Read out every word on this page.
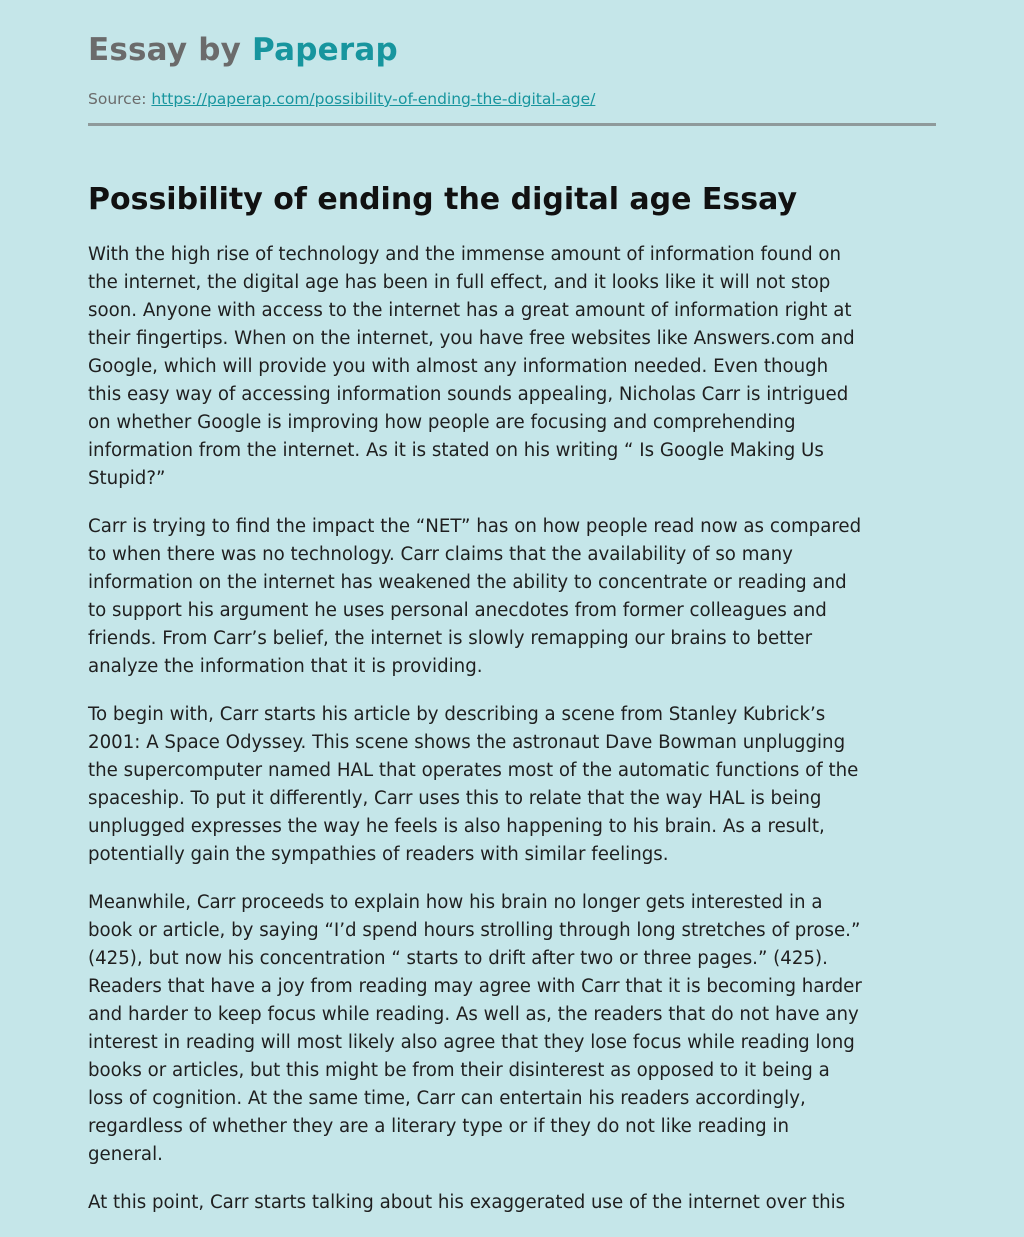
Essay by Paperap
Source: https://paperap.com/possibility-of-ending-the-digital-age/
Possibility of ending the digital age Essay

With the high rise of technology and the immense amount of information found on
the internet, the digital age has been in full effect, and it looks like it will not stop
soon. Anyone with access to the internet has a great amount of information right at
their fingertips. When on the internet, you have free websites like Answers.com and
Google, which will provide you with almost any information needed. Even though
this easy way of accessing information sounds appealing, Nicholas Carr is intrigued
on whether Google is improving how people are focusing and comprehending
information from the internet. As it is stated on his writing “ Is Google Making Us
Stupid?”

Carr is trying to find the impact the “NET” has on how people read now as compared
to when there was no technology. Carr claims that the availability of so many
information on the internet has weakened the ability to concentrate or reading and
to support his argument he uses personal anecdotes from former colleagues and
friends. From Carr’s belief, the internet is slowly remapping our brains to better
analyze the information that it is providing.

To begin with, Carr starts his article by describing a scene from Stanley Kubrick’s
2001: A Space Odyssey. This scene shows the astronaut Dave Bowman unplugging
the supercomputer named HAL that operates most of the automatic functions of the
spaceship. To put it differently, Carr uses this to relate that the way HAL is being
unplugged expresses the way he feels is also happening to his brain. As a result,
potentially gain the sympathies of readers with similar feelings.

Meanwhile, Carr proceeds to explain how his brain no longer gets interested in a
book or article, by saying “I’d spend hours strolling through long stretches of prose.”
(425), but now his concentration “ starts to drift after two or three pages.” (425).
Readers that have a joy from reading may agree with Carr that it is becoming harder
and harder to keep focus while reading. As well as, the readers that do not have any
interest in reading will most likely also agree that they lose focus while reading long
books or articles, but this might be from their disinterest as opposed to it being a
loss of cognition. At the same time, Carr can entertain his readers accordingly,
regardless of whether they are a literary type or if they do not like reading in
general.

At this point, Carr starts talking about his exaggerated use of the internet over this
